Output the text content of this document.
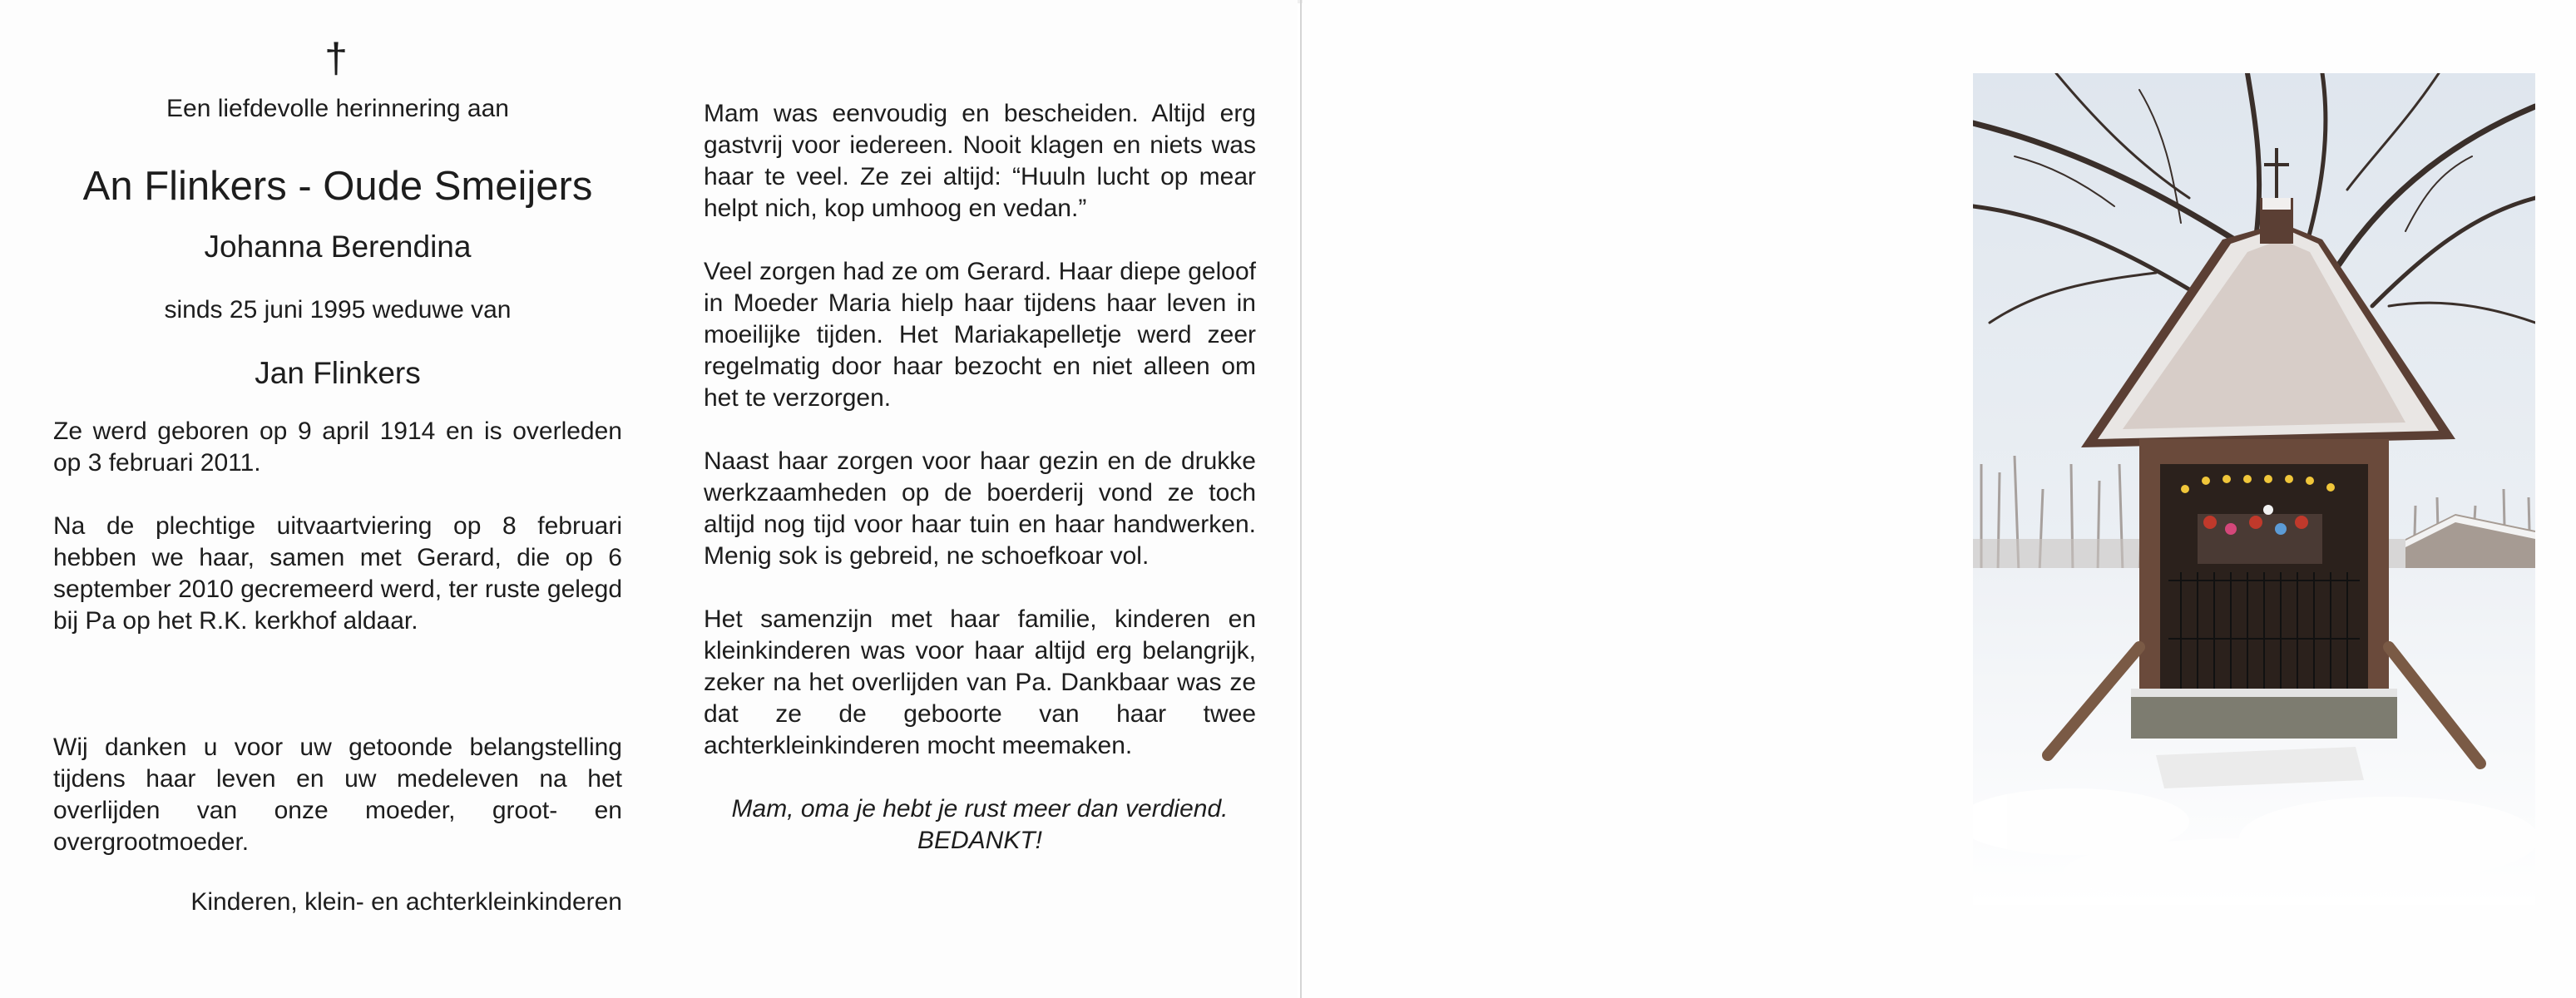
†
Een liefdevolle herinnering aan
An Flinkers - Oude Smeijers
Johanna Berendina
sinds 25 juni 1995 weduwe van
Jan Flinkers

Ze werd geboren op 9 april 1914 en is overleden op 3 februari 2011.

Na de plechtige uitvaartviering op 8 februari hebben we haar, samen met Gerard, die op 6 september 2010 gecremeerd werd, ter ruste gelegd bij Pa op het R.K. kerkhof aldaar.

Wij danken u voor uw getoonde belangstelling tijdens haar leven en uw medeleven na het overlijden van onze moeder, groot- en overgrootmoeder.

Kinderen, klein- en achterkleinkinderen

Mam was eenvoudig en bescheiden. Altijd erg gastvrij voor iedereen. Nooit klagen en niets was haar te veel. Ze zei altijd: “Huuln lucht op mear helpt nich, kop umhoog en vedan.”

Veel zorgen had ze om Gerard. Haar diepe geloof in Moeder Maria hielp haar tijdens haar leven in moeilijke tijden. Het Mariakapelletje werd zeer regelmatig door haar bezocht en niet alleen om het te verzorgen.

Naast haar zorgen voor haar gezin en de drukke werkzaamheden op de boerderij vond ze toch altijd nog tijd voor haar tuin en haar handwerken. Menig sok is gebreid, ne schoefkoar vol.

Het samenzijn met haar familie, kinderen en kleinkinderen was voor haar altijd erg belangrijk, zeker na het overlijden van Pa. Dankbaar was ze dat ze de geboorte van haar twee achterkleinkinderen mocht meemaken.

Mam, oma je hebt je rust meer dan verdiend.
BEDANKT!
